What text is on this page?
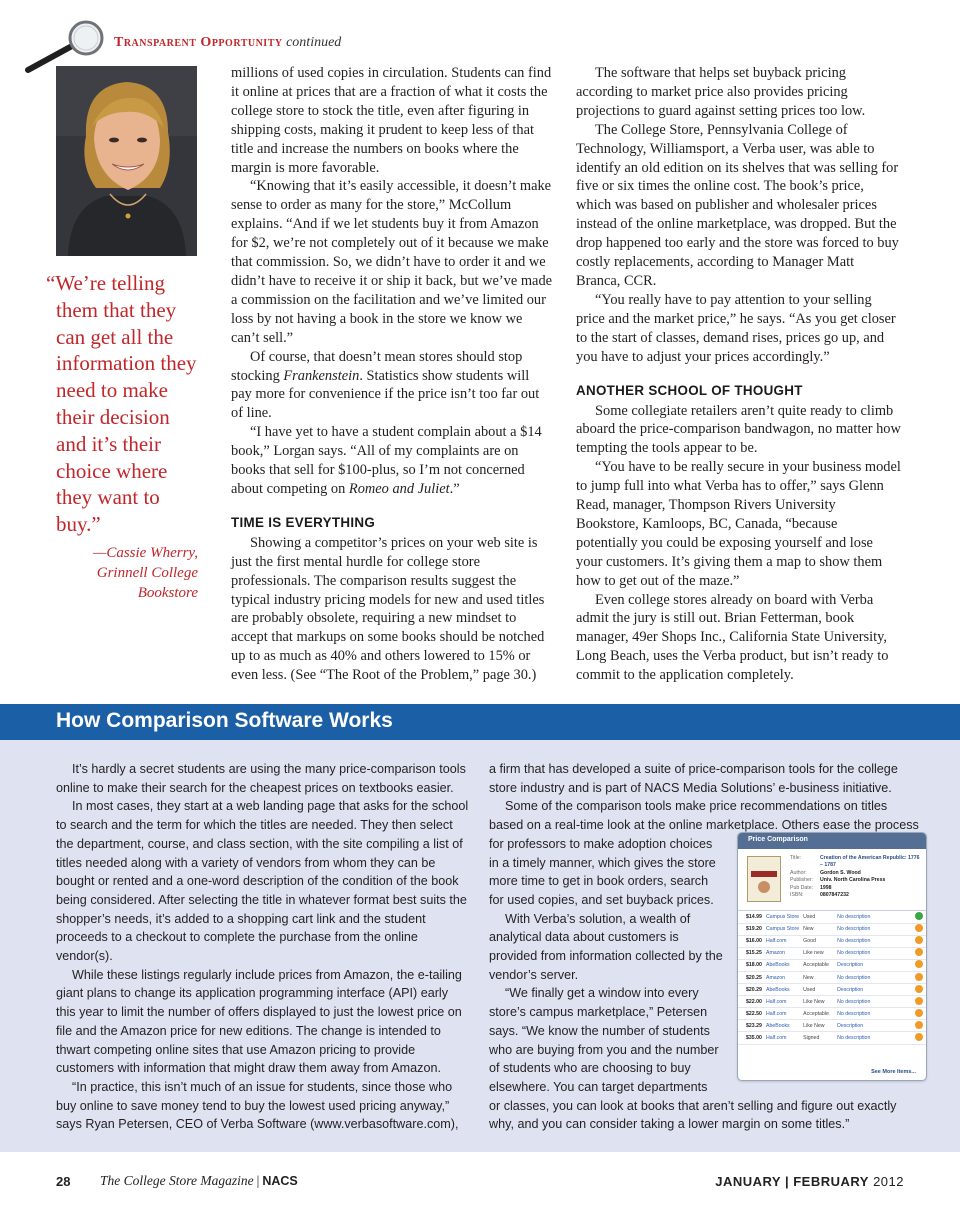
Transparent Opportunity continued
“We’re telling them that they can get all the information they need to make their decision and it’s their choice where they want to buy.”
—Cassie Wherry,
Grinnell College
Bookstore

millions of used copies in circulation. Students can find it online at prices that are a fraction of what it costs the college store to stock the title, even after figuring in shipping costs, making it prudent to keep less of that title and increase the numbers on books where the margin is more favorable.

“Knowing that it’s easily accessible, it doesn’t make sense to order as many for the store,” McCollum explains. “And if we let students buy it from Amazon for $2, we’re not completely out of it because we make that commission. So, we didn’t have to order it and we didn’t have to receive it or ship it back, but we’ve made a commission on the facilitation and we’ve limited our loss by not having a book in the store we know we can’t sell.”

Of course, that doesn’t mean stores should stop stocking Frankenstein. Statistics show students will pay more for convenience if the price isn’t too far out of line.

“I have yet to have a student complain about a $14 book,” Lorgan says. “All of my complaints are on books that sell for $100-plus, so I’m not concerned about competing on Romeo and Juliet.”

TIME IS EVERYTHING

Showing a competitor’s prices on your web site is just the first mental hurdle for college store professionals. The comparison results suggest the typical industry pricing models for new and used titles are probably obsolete, requiring a new mindset to accept that markups on some books should be notched up to as much as 40% and others lowered to 15% or even less. (See “The Root of the Problem,” page 30.)

The software that helps set buyback pricing according to market price also provides pricing projections to guard against setting prices too low.

The College Store, Pennsylvania College of Technology, Williamsport, a Verba user, was able to identify an old edition on its shelves that was selling for five or six times the online cost. The book’s price, which was based on publisher and wholesaler prices instead of the online marketplace, was dropped. But the drop happened too early and the store was forced to buy costly replacements, according to Manager Matt Branca, CCR.

“You really have to pay attention to your selling price and the market price,” he says. “As you get closer to the start of classes, demand rises, prices go up, and you have to adjust your prices accordingly.”

ANOTHER SCHOOL OF THOUGHT

Some collegiate retailers aren’t quite ready to climb aboard the price-comparison bandwagon, no matter how tempting the tools appear to be.

“You have to be really secure in your business model to jump full into what Verba has to offer,” says Glenn Read, manager, Thompson Rivers University Bookstore, Kamloops, BC, Canada, “because potentially you could be exposing yourself and lose your customers. It’s giving them a map to show them how to get out of the maze.”

Even college stores already on board with Verba admit the jury is still out. Brian Fetterman, book manager, 49er Shops Inc., California State University, Long Beach, uses the Verba product, but isn’t ready to commit to the application completely.

How Comparison Software Works

It’s hardly a secret students are using the many price-comparison tools online to make their search for the cheapest prices on textbooks easier.

In most cases, they start at a web landing page that asks for the school to search and the term for which the titles are needed. They then select the department, course, and class section, with the site compiling a list of titles needed along with a variety of vendors from whom they can be bought or rented and a one-word description of the condition of the book being considered. After selecting the title in whatever format best suits the shopper’s needs, it’s added to a shopping cart link and the student proceeds to a checkout to complete the purchase from the online vendor(s).

While these listings regularly include prices from Amazon, the e-tailing giant plans to change its application programming interface (API) early this year to limit the number of offers displayed to just the lowest price on file and the Amazon price for new editions. The change is intended to thwart competing online sites that use Amazon pricing to provide customers with information that might draw them away from Amazon.

“In practice, this isn’t much of an issue for students, since those who buy online to save money tend to buy the lowest used pricing anyway,” says Ryan Petersen, CEO of Verba Software (www.verbasoftware.com),

a firm that has developed a suite of price-comparison tools for the college store industry and is part of NACS Media Solutions’ e-business initiative.

Some of the comparison tools make price recommendations on titles based on a real-time look at the online marketplace. Others ease the process

for professors to make adoption choices in a timely manner, which gives the store more time to get in book orders, search for used copies, and set buyback prices.

With Verba’s solution, a wealth of analytical data about customers is provided from information collected by the vendor’s server.

“We finally get a window into every store’s campus marketplace,” Petersen says. “We know the number of students who are buying from you and the number of students who are choosing to buy elsewhere. You can target departments

or classes, you can look at books that aren’t selling and figure out exactly why, and you can consider taking a lower margin on some titles.”

Price Comparison
Title:	Creation of the American Republic: 1776 – 1787
Author:	Gordon S. Wood
Publisher:	Univ. North Carolina Press
Pub Date:	1998
ISBN:	0807847232
$14.99	Campus Store	Used	No description	
$19.20	Campus Store	New	No description	
$16.00	Half.com	Good	No description	
$15.25	Amazon	Like new	No description	
$18.00	AbeBooks	Acceptable	Description	
$20.25	Amazon	New	No description	
$20.29	AbeBooks	Used	Description	
$22.00	Half.com	Like New	No description	
$22.50	Half.com	Acceptable	No description	
$23.29	AbeBooks	Like New	Description	
$35.00	Half.com	Signed	No description	
See More Items...
28 The College Store Magazine | NACS	JANUARY | FEBRUARY 2012
